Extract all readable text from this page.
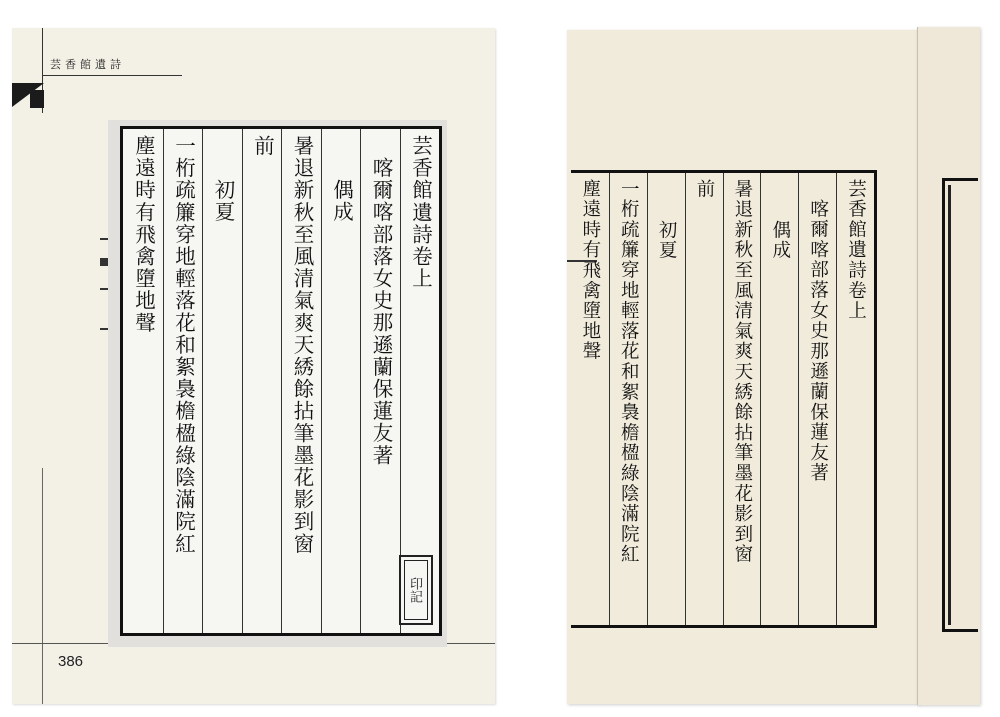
芸香館遺詩
386
芸香館遺詩卷上
喀爾喀部落女史那遜蘭保蓮友著
偶成
暑退新秋至風清氣爽天綉餘拈筆墨花影到窗
前
初夏
一桁疏簾穿地輕落花和絮裊檐楹綠陰滿院紅
塵遠時有飛禽墮地聲
印記
芸香館遺詩卷上
喀爾喀部落女史那遜蘭保蓮友著
偶成
暑退新秋至風清氣爽天綉餘拈筆墨花影到窗
前
初夏
一桁疏簾穿地輕落花和絮裊檐楹綠陰滿院紅
塵遠時有飛禽墮地聲
